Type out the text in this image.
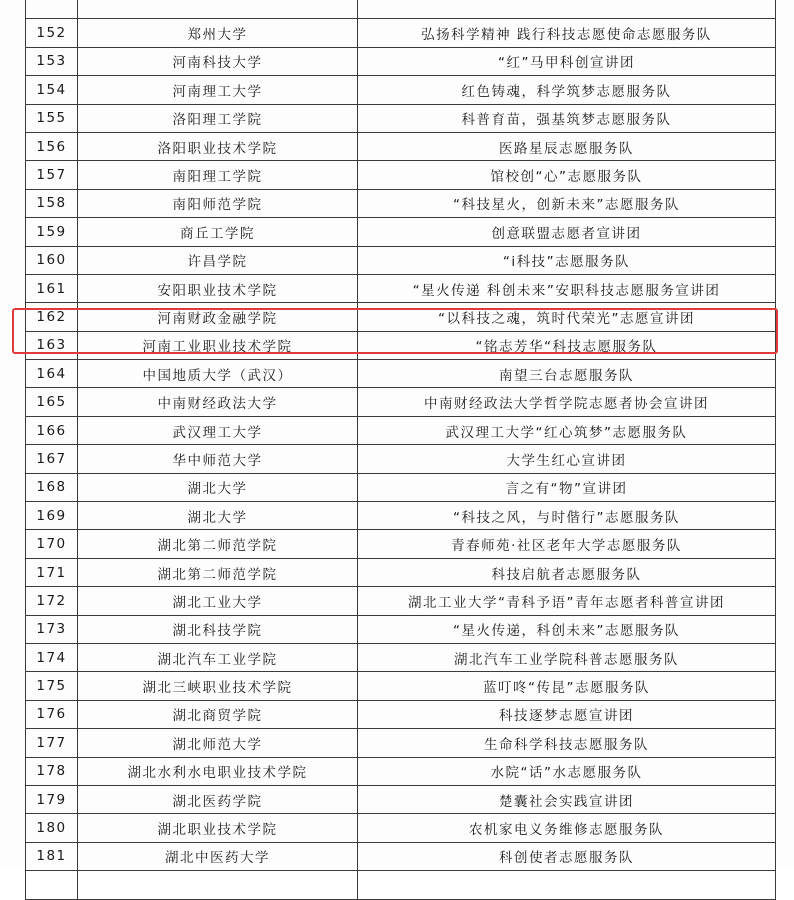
152	郑州大学	弘扬科学精神 践行科技志愿使命志愿服务队
153	河南科技大学	“红”马甲科创宣讲团
154	河南理工大学	红色铸魂，科学筑梦志愿服务队
155	洛阳理工学院	科普育苗，强基筑梦志愿服务队
156	洛阳职业技术学院	医路星辰志愿服务队
157	南阳理工学院	馆校创“心”志愿服务队
158	南阳师范学院	“科技星火，创新未来”志愿服务队
159	商丘工学院	创意联盟志愿者宣讲团
160	许昌学院	“i科技”志愿服务队
161	安阳职业技术学院	“星火传递 科创未来”安职科技志愿服务宣讲团
162	河南财政金融学院	“以科技之魂，筑时代荣光”志愿宣讲团
163	河南工业职业技术学院	“铭志芳华“科技志愿服务队
164	中国地质大学（武汉）	南望三台志愿服务队
165	中南财经政法大学	中南财经政法大学哲学院志愿者协会宣讲团
166	武汉理工大学	武汉理工大学“红心筑梦”志愿服务队
167	华中师范大学	大学生红心宣讲团
168	湖北大学	言之有“物”宣讲团
169	湖北大学	“科技之风，与时偕行”志愿服务队
170	湖北第二师范学院	青春师苑·社区老年大学志愿服务队
171	湖北第二师范学院	科技启航者志愿服务队
172	湖北工业大学	湖北工业大学“青科予语”青年志愿者科普宣讲团
173	湖北科技学院	“星火传递，科创未来”志愿服务队
174	湖北汽车工业学院	湖北汽车工业学院科普志愿服务队
175	湖北三峡职业技术学院	蓝叮咚“传昆”志愿服务队
176	湖北商贸学院	科技逐梦志愿宣讲团
177	湖北师范大学	生命科学科技志愿服务队
178	湖北水利水电职业技术学院	水院“话”水志愿服务队
179	湖北医药学院	楚囊社会实践宣讲团
180	湖北职业技术学院	农机家电义务维修志愿服务队
181	湖北中医药大学	科创使者志愿服务队
